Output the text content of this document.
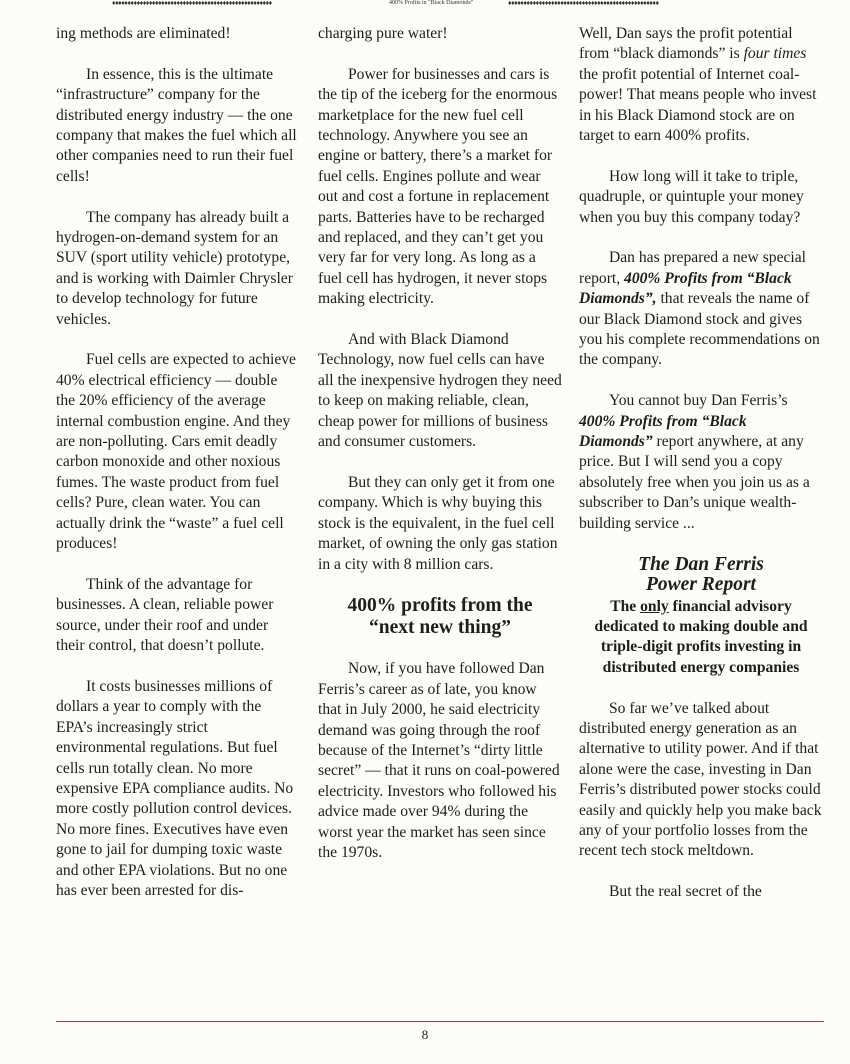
♦♦♦♦♦♦♦♦♦♦♦♦♦♦♦♦♦♦♦♦♦♦♦♦♦♦♦♦♦♦♦♦♦♦♦♦♦♦♦♦♦♦♦♦♦♦♦♦♦♦♦♦	400% Profits in "Black Diamonds"	♦♦♦♦♦♦♦♦♦♦♦♦♦♦♦♦♦♦♦♦♦♦♦♦♦♦♦♦♦♦♦♦♦♦♦♦♦♦♦♦♦♦♦♦♦♦♦♦♦

ing methods are eliminated!

In essence, this is the ultimate “infrastructure” company for the distributed energy industry — the one company that makes the fuel which all other companies need to run their fuel cells!

The company has already built a hydrogen-on-demand system for an SUV (sport utility vehicle) prototype, and is working with Daimler Chrysler to develop technology for future vehicles.

Fuel cells are expected to achieve 40% electrical efficiency — double the 20% efficiency of the average internal combustion engine. And they are non-polluting. Cars emit deadly carbon monoxide and other noxious fumes. The waste product from fuel cells? Pure, clean water. You can actually drink the “waste” a fuel cell produces!

Think of the advantage for businesses. A clean, reliable power source, under their roof and under their control, that doesn’t pollute.

It costs businesses millions of dollars a year to comply with the EPA’s increasingly strict environmental regulations. But fuel cells run totally clean. No more expensive EPA compliance audits. No more costly pollution control devices. No more fines. Executives have even gone to jail for dumping toxic waste and other EPA violations. But no one has ever been arrested for dis-

charging pure water!

Power for businesses and cars is the tip of the iceberg for the enormous marketplace for the new fuel cell technology. Anywhere you see an engine or battery, there’s a market for fuel cells. Engines pollute and wear out and cost a fortune in replacement parts. Batteries have to be recharged and replaced, and they can’t get you very far for very long. As long as a fuel cell has hydrogen, it never stops making electricity.

And with Black Diamond Technology, now fuel cells can have all the inexpensive hydrogen they need to keep on making reliable, clean, cheap power for millions of business and consumer customers.

But they can only get it from one company. Which is why buying this stock is the equivalent, in the fuel cell market, of owning the only gas station in a city with 8 million cars.

400% profits from the
“next new thing”

Now, if you have followed Dan Ferris’s career as of late, you know that in July 2000, he said electricity demand was going through the roof because of the Internet’s “dirty little secret” — that it runs on coal-powered electricity. Investors who followed his advice made over 94% during the worst year the market has seen since the 1970s.

Well, Dan says the profit potential from “black diamonds” is four times the profit potential of Internet coal-power! That means people who invest in his Black Diamond stock are on target to earn 400% profits.

How long will it take to triple, quadruple, or quintuple your money when you buy this company today?

Dan has prepared a new special report, 400% Profits from “Black Diamonds”, that reveals the name of our Black Diamond stock and gives you his complete recommendations on the company.

You cannot buy Dan Ferris’s 400% Profits from “Black Diamonds” report anywhere, at any price. But I will send you a copy absolutely free when you join us as a subscriber to Dan’s unique wealth-building service ...

The Dan Ferris
Power Report
The only financial advisory dedicated to making double and triple-digit profits investing in distributed energy companies

So far we’ve talked about distributed energy generation as an alternative to utility power. And if that alone were the case, investing in Dan Ferris’s distributed power stocks could easily and quickly help you make back any of your portfolio losses from the recent tech stock meltdown.

But the real secret of the

8
